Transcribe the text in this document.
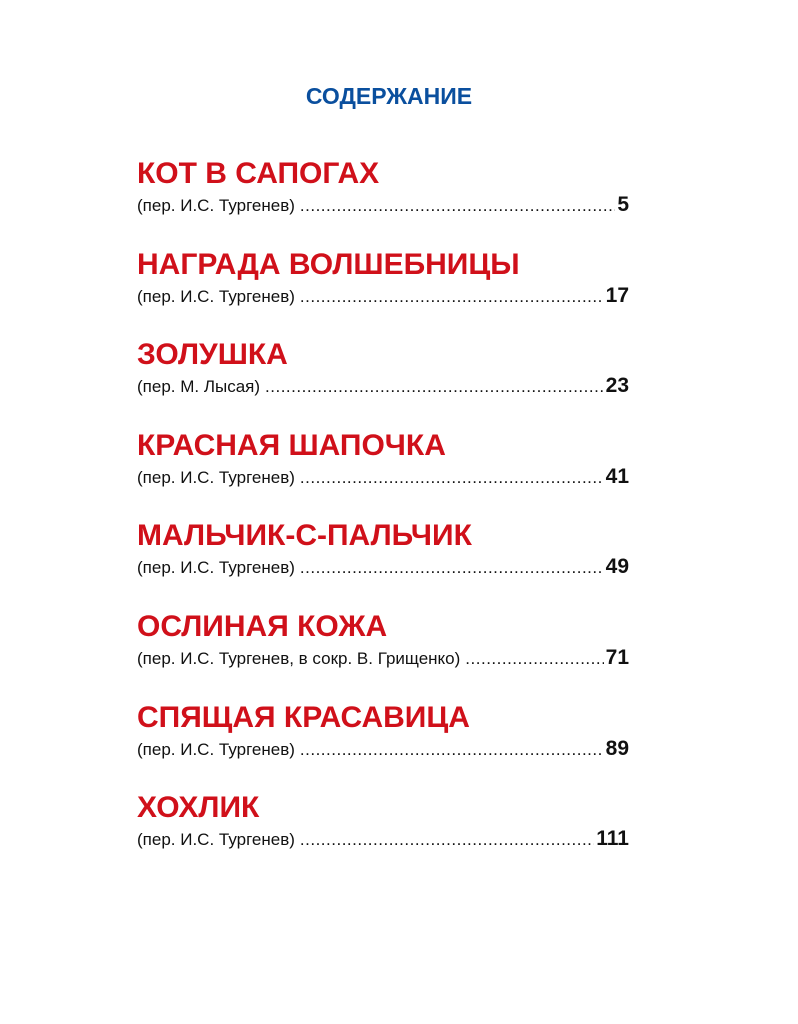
СОДЕРЖАНИЕ
КОТ В САПОГАХ
(пер. И.С. Тургенев) .....	5
НАГРАДА ВОЛШЕБНИЦЫ
(пер. И.С. Тургенев) .....	17
ЗОЛУШКА
(пер. М. Лысая) .....	23
КРАСНАЯ ШАПОЧКА
(пер. И.С. Тургенев) .....	41
МАЛЬЧИК-С-ПАЛЬЧИК
(пер. И.С. Тургенев) .....	49
ОСЛИНАЯ КОЖА
(пер. И.С. Тургенев, в сокр. В. Грищенко) .....	71
СПЯЩАЯ КРАСАВИЦА
(пер. И.С. Тургенев) .....	89
ХОХЛИК
(пер. И.С. Тургенев) .....	111
